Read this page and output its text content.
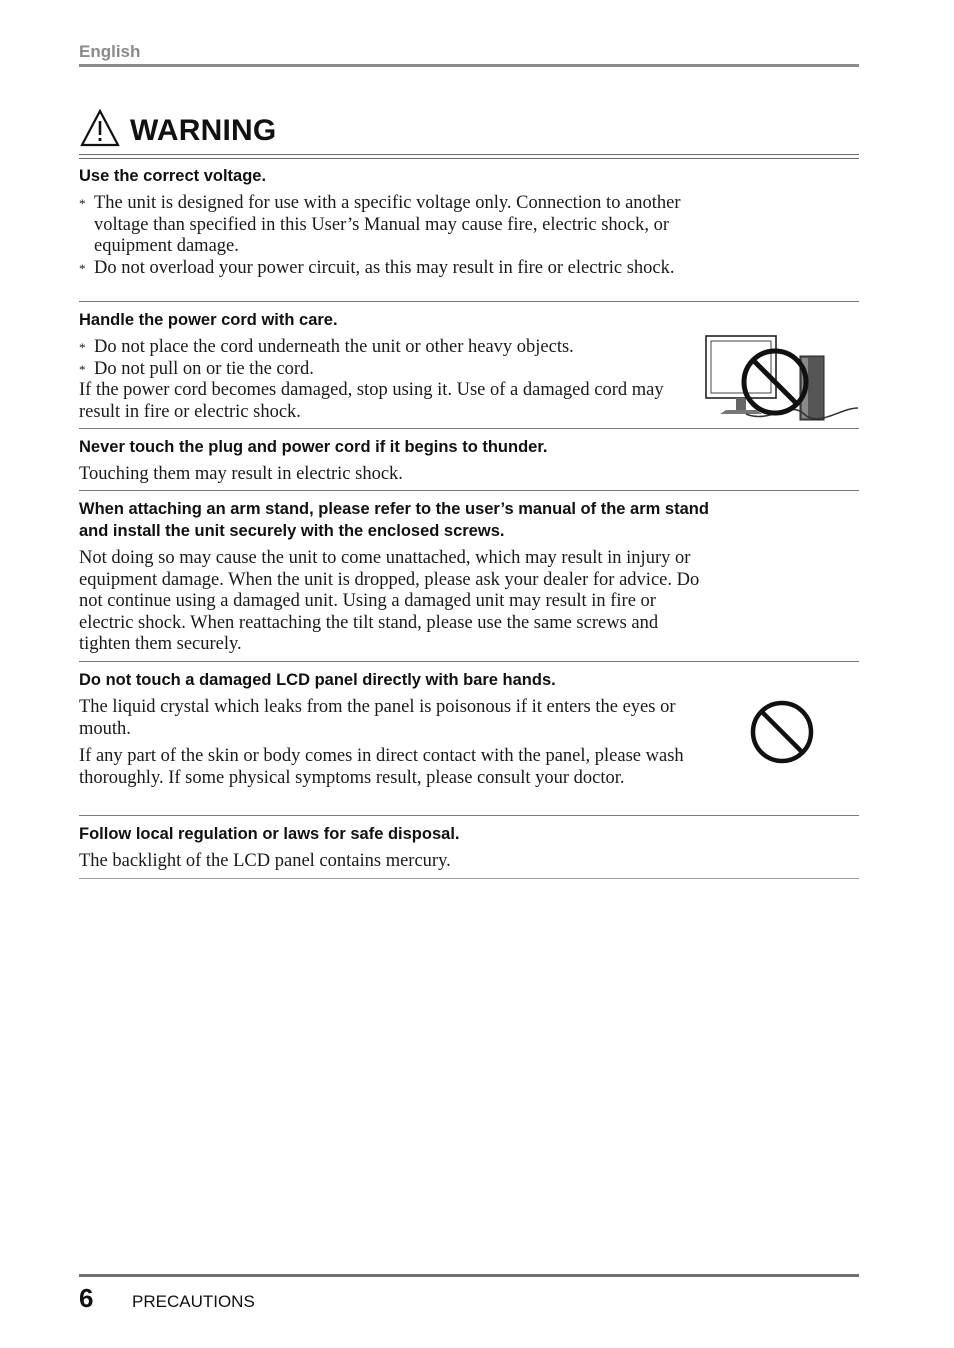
English
WARNING
Use the correct voltage.
* The unit is designed for use with a specific voltage only. Connection to another voltage than specified in this User’s Manual may cause fire, electric shock, or equipment damage.
* Do not overload your power circuit, as this may result in fire or electric shock.
Handle the power cord with care.
* Do not place the cord underneath the unit or other heavy objects.
* Do not pull on or tie the cord.
If the power cord becomes damaged, stop using it. Use of a damaged cord may result in fire or electric shock.
Never touch the plug and power cord if it begins to thunder.
Touching them may result in electric shock.
When attaching an arm stand, please refer to the user’s manual of the arm stand and install the unit securely with the enclosed screws.
Not doing so may cause the unit to come unattached, which may result in injury or equipment damage. When the unit is dropped, please ask your dealer for advice. Do not continue using a damaged unit. Using a damaged unit may result in fire or electric shock. When reattaching the tilt stand, please use the same screws and tighten them securely.
Do not touch a damaged LCD panel directly with bare hands.
The liquid crystal which leaks from the panel is poisonous if it enters the eyes or mouth.
If any part of the skin or body comes in direct contact with the panel, please wash thoroughly. If some physical symptoms result, please consult your doctor.
Follow local regulation or laws for safe disposal.
The backlight of the LCD panel contains mercury.
6 PRECAUTIONS
